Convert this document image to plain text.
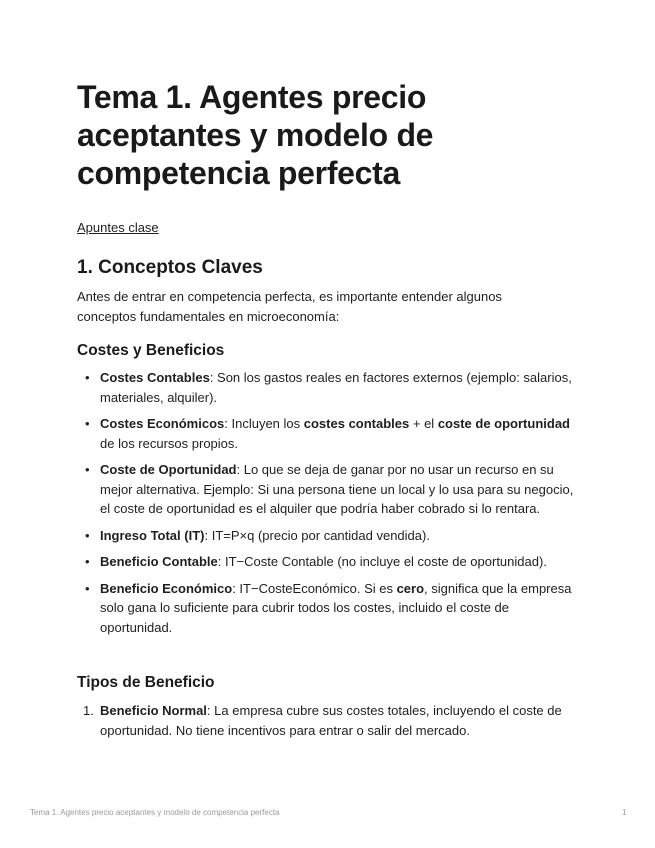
Tema 1. Agentes precio aceptantes y modelo de competencia perfecta
Apuntes clase
1. Conceptos Claves

Antes de entrar en competencia perfecta, es importante entender algunos conceptos fundamentales en microeconomía:

Costes y Beneficios
• Costes Contables: Son los gastos reales en factores externos (ejemplo: salarios, materiales, alquiler).
• Costes Económicos: Incluyen los costes contables + el coste de oportunidad de los recursos propios.
• Coste de Oportunidad: Lo que se deja de ganar por no usar un recurso en su mejor alternativa. Ejemplo: Si una persona tiene un local y lo usa para su negocio, el coste de oportunidad es el alquiler que podría haber cobrado si lo rentara.
• Ingreso Total (IT): IT=P×q (precio por cantidad vendida).
• Beneficio Contable: IT−Coste Contable (no incluye el coste de oportunidad).
• Beneficio Económico: IT−CosteEconómico. Si es cero, significa que la empresa solo gana lo suficiente para cubrir todos los costes, incluido el coste de oportunidad.
Tipos de Beneficio
1. Beneficio Normal: La empresa cubre sus costes totales, incluyendo el coste de oportunidad. No tiene incentivos para entrar o salir del mercado.
Tema 1. Agentes precio aceptantes y modelo de competencia perfecta	1
